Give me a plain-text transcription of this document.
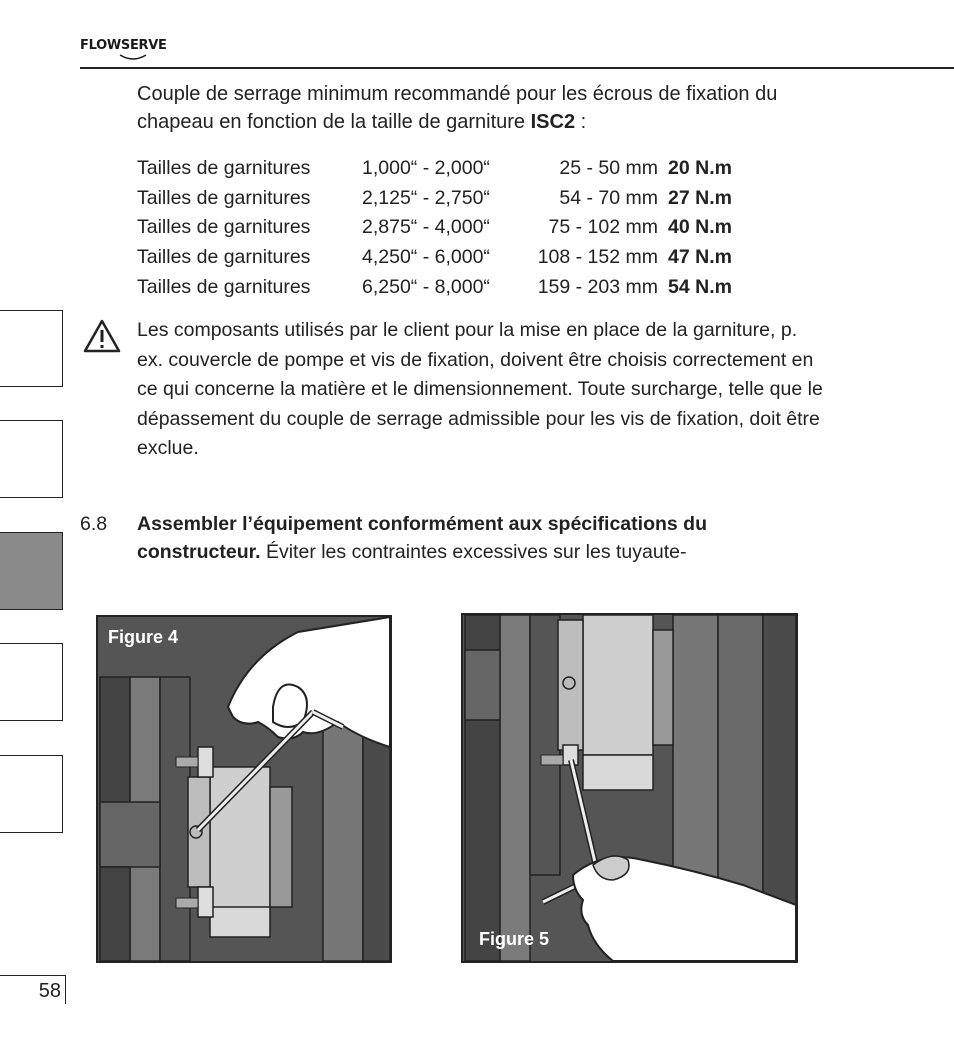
FLOWSERVE
Couple de serrage minimum recommandé pour les écrous de fixation du chapeau en fonction de la taille de garniture ISC2 :
Tailles de garnitures	1,000“ - 2,000“	25 - 50 mm	20 N.m
Tailles de garnitures	2,125“ - 2,750“	54 - 70 mm	27 N.m
Tailles de garnitures	2,875“ - 4,000“	75 - 102 mm	40 N.m
Tailles de garnitures	4,250“ - 6,000“	108 - 152 mm	47 N.m
Tailles de garnitures	6,250“ - 8,000“	159 - 203 mm	54 N.m
Les composants utilisés par le client pour la mise en place de la garniture, p. ex. couvercle de pompe et vis de fixation, doivent être choisis correctement en ce qui concerne la matière et le dimensionnement. Toute surcharge, telle que le dépassement du couple de serrage admissible pour les vis de fixation, doit être exclue.
6.8 Assembler l’équipement conformément aux spécifications du constructeur. Éviter les contraintes excessives sur les tuyaute-
58
Figure 4
Figure 5
